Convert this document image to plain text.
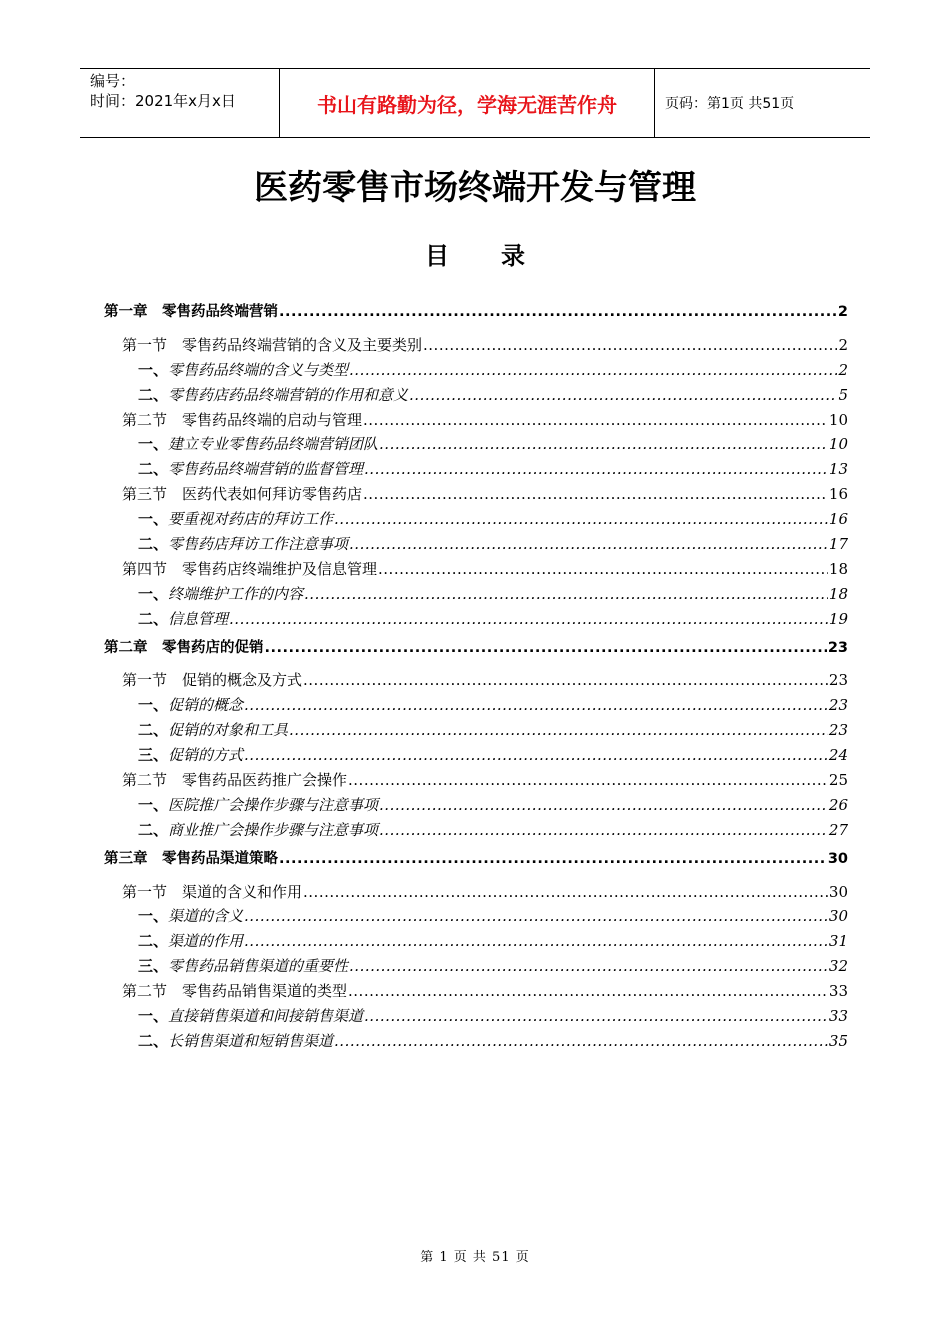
编号：
时间：2021年x月x日	书山有路勤为径，学海无涯苦作舟	页码：第1页 共51页
医药零售市场终端开发与管理
目录
第一章　零售药品终端营销 .....	2
第一节　零售药品终端营销的含义及主要类别 .....	2
一、零售药品终端的含义与类型 .....	2
二、零售药店药品终端营销的作用和意义 .....	5
第二节　零售药品终端的启动与管理 .....	10
一、建立专业零售药品终端营销团队 .....	10
二、零售药品终端营销的监督管理 .....	13
第三节　医药代表如何拜访零售药店 .....	16
一、要重视对药店的拜访工作 .....	16
二、零售药店拜访工作注意事项 .....	17
第四节　零售药店终端维护及信息管理 .....	18
一、终端维护工作的内容 .....	18
二、信息管理 .....	19
第二章　零售药店的促销 .....	23
第一节　促销的概念及方式 .....	23
一、促销的概念 .....	23
二、促销的对象和工具 .....	23
三、促销的方式 .....	24
第二节　零售药品医药推广会操作 .....	25
一、医院推广会操作步骤与注意事项 .....	26
二、商业推广会操作步骤与注意事项 .....	27
第三章　零售药品渠道策略 .....	30
第一节　渠道的含义和作用 .....	30
一、渠道的含义 .....	30
二、渠道的作用 .....	31
三、零售药品销售渠道的重要性 .....	32
第二节　零售药品销售渠道的类型 .....	33
一、直接销售渠道和间接销售渠道 .....	33
二、长销售渠道和短销售渠道 .....	35
第 1 页 共 51 页
